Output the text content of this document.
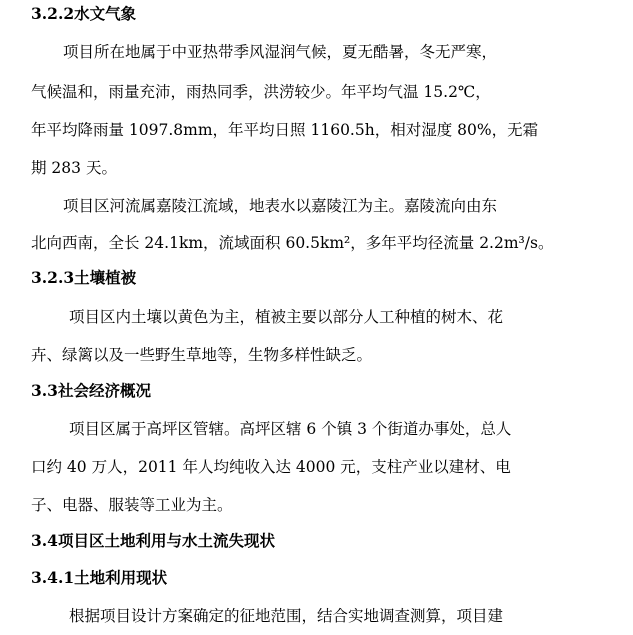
3.2.2水文气象
项目所在地属于中亚热带季风湿润气候，夏无酷暑，冬无严寒，
气候温和，雨量充沛，雨热同季，洪涝较少。年平均气温 15.2℃，
年平均降雨量 1097.8mm，年平均日照 1160.5h，相对湿度 80%，无霜
期 283 天。
项目区河流属嘉陵江流域，地表水以嘉陵江为主。嘉陵流向由东
北向西南，全长 24.1km，流域面积 60.5km²，多年平均径流量 2.2m³/s。
3.2.3土壤植被
项目区内土壤以黄色为主，植被主要以部分人工种植的树木、花
卉、绿篱以及一些野生草地等，生物多样性缺乏。
3.3社会经济概况
项目区属于高坪区管辖。高坪区辖 6 个镇 3 个街道办事处，总人
口约 40 万人，2011 年人均纯收入达 4000 元，支柱产业以建材、电
子、电器、服装等工业为主。
3.4项目区土地利用与水土流失现状
3.4.1土地利用现状
根据项目设计方案确定的征地范围，结合实地调查测算，项目建
